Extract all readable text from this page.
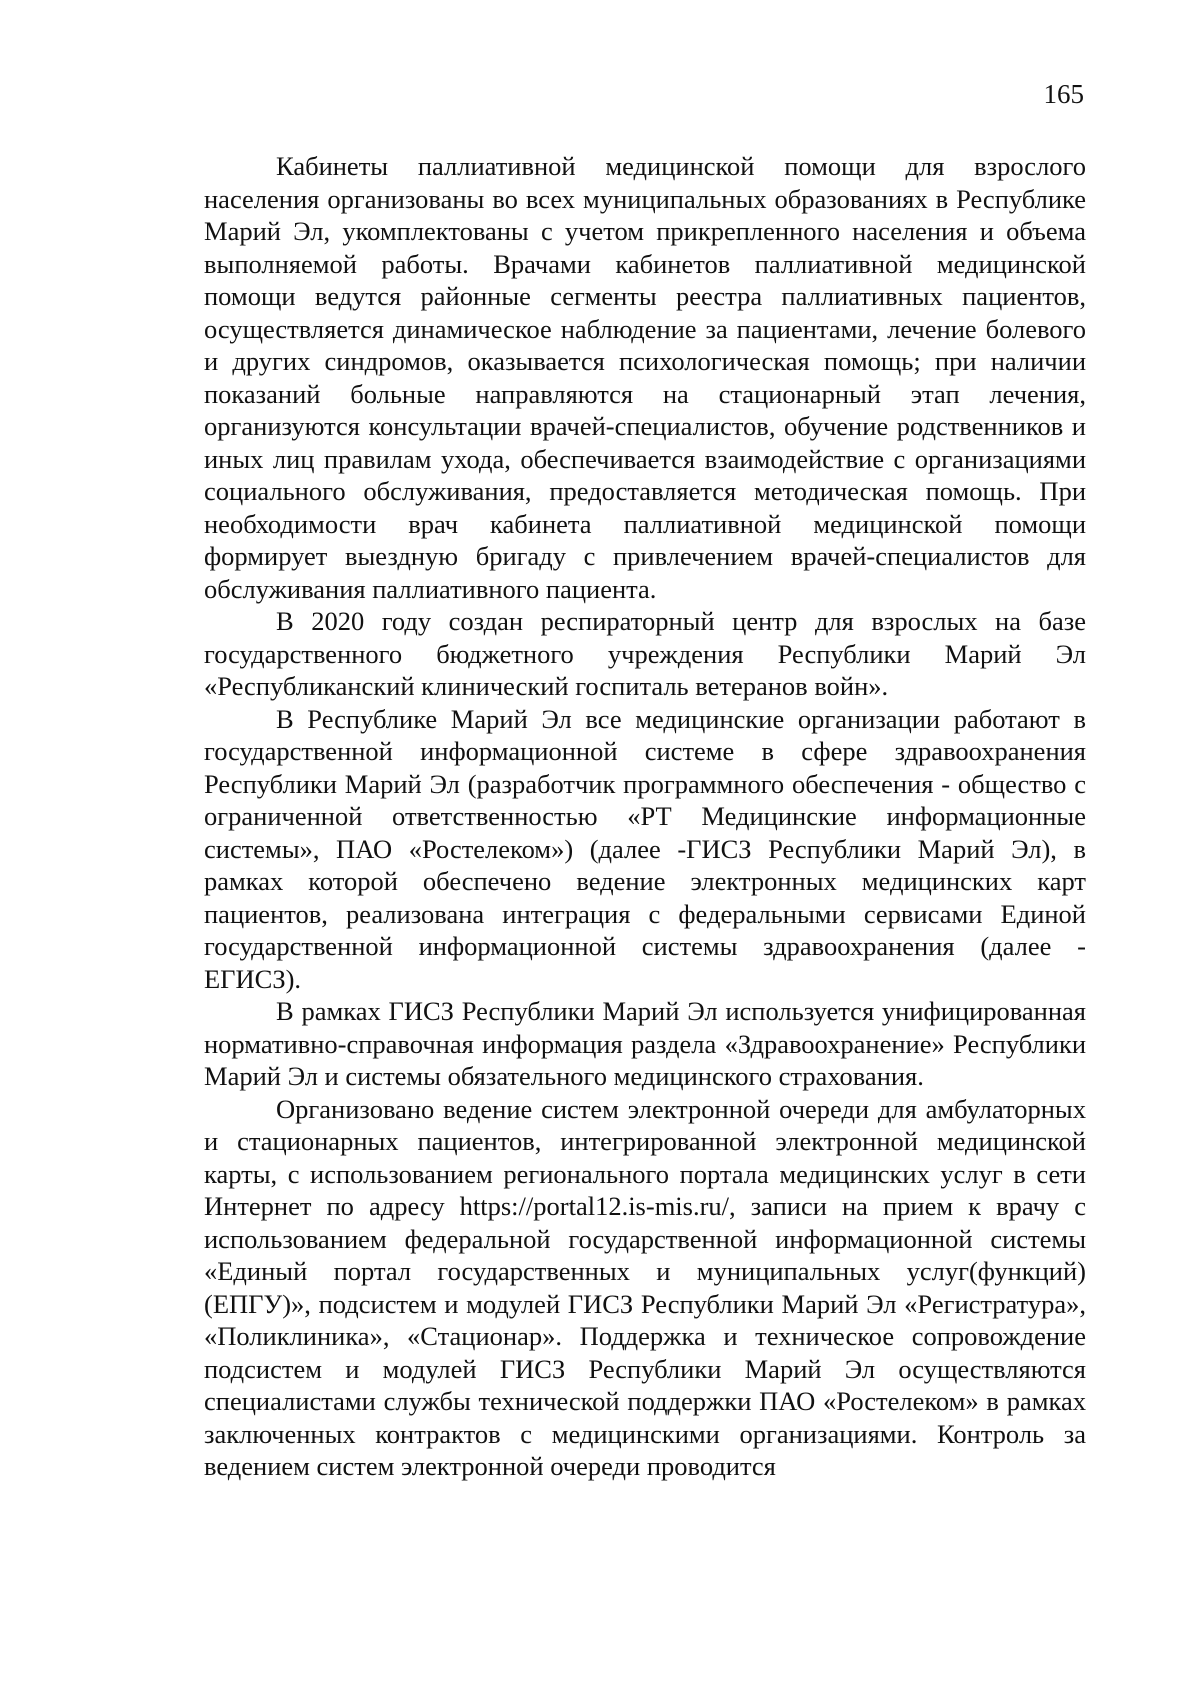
165

Кабинеты паллиативной медицинской помощи для взрослого населения организованы во всех муниципальных образованиях в Республике Марий Эл, укомплектованы с учетом прикрепленного населения и объема выполняемой работы. Врачами кабинетов паллиативной медицинской помощи ведутся районные сегменты реестра паллиативных пациентов, осуществляется динамическое наблюдение за пациентами, лечение болевого и других синдромов, оказывается психологическая помощь; при наличии показаний больные направляются на стационарный этап лечения, организуются консультации врачей-специалистов, обучение родственников и иных лиц правилам ухода, обеспечивается взаимодействие с организациями социального обслуживания, предоставляется методическая помощь. При необходимости врач кабинета паллиативной медицинской помощи формирует выездную бригаду с привлечением врачей-специалистов для обслуживания паллиативного пациента.

В 2020 году создан респираторный центр для взрослых на базе государственного бюджетного учреждения Республики Марий Эл «Республиканский клинический госпиталь ветеранов войн».

В Республике Марий Эл все медицинские организации работают в государственной информационной системе в сфере здравоохранения Республики Марий Эл (разработчик программного обеспечения - общество с ограниченной ответственностью «РТ Медицинские информационные системы», ПАО «Ростелеком») (далее -ГИСЗ Республики Марий Эл), в рамках которой обеспечено ведение электронных медицинских карт пациентов, реализована интеграция с федеральными сервисами Единой государственной информационной системы здравоохранения (далее - ЕГИСЗ).

В рамках ГИСЗ Республики Марий Эл используется унифицированная нормативно-справочная информация раздела «Здравоохранение» Республики Марий Эл и системы обязательного медицинского страхования.

Организовано ведение систем электронной очереди для амбулаторных и стационарных пациентов, интегрированной электронной медицинской карты, с использованием регионального портала медицинских услуг в сети Интернет по адресу https://portal12.is-mis.ru/, записи на прием к врачу с использованием федеральной государственной информационной системы «Единый портал государственных и муниципальных услуг(функций) (ЕПГУ)», подсистем и модулей ГИСЗ Республики Марий Эл «Регистратура», «Поликлиника», «Стационар». Поддержка и техническое сопровождение подсистем и модулей ГИСЗ Республики Марий Эл осуществляются специалистами службы технической поддержки ПАО «Ростелеком» в рамках заключенных контрактов с медицинскими организациями. Контроль за ведением систем электронной очереди проводится
